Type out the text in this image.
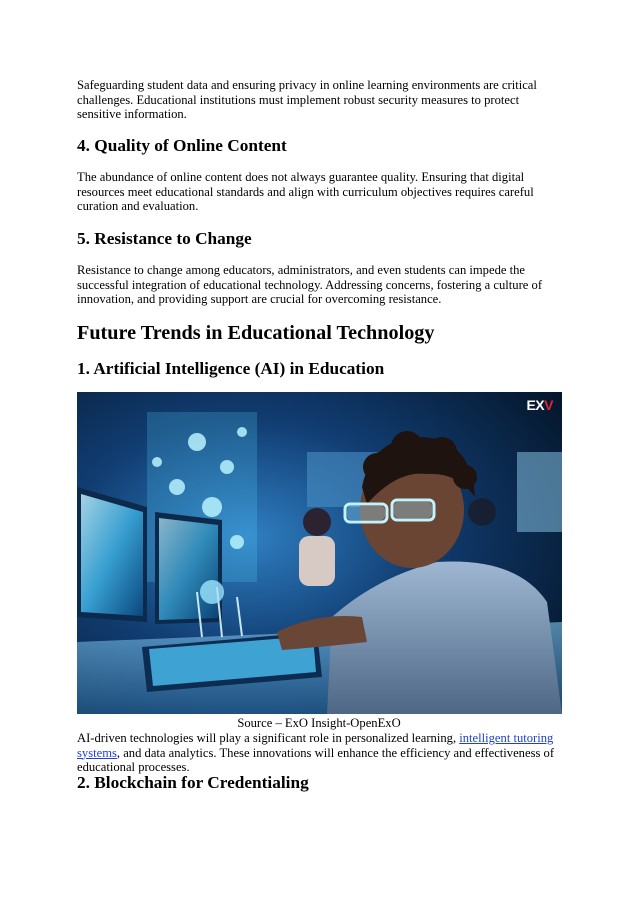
Safeguarding student data and ensuring privacy in online learning environments are critical challenges. Educational institutions must implement robust security measures to protect sensitive information.

4. Quality of Online Content

The abundance of online content does not always guarantee quality. Ensuring that digital resources meet educational standards and align with curriculum objectives requires careful curation and evaluation.

5. Resistance to Change

Resistance to change among educators, administrators, and even students can impede the successful integration of educational technology. Addressing concerns, fostering a culture of innovation, and providing support are crucial for overcoming resistance.

Future Trends in Educational Technology
1. Artificial Intelligence (AI) in Education
EXV
Source – ExO Insight-OpenExO

AI-driven technologies will play a significant role in personalized learning, intelligent tutoring systems, and data analytics. These innovations will enhance the efficiency and effectiveness of educational processes.

2. Blockchain for Credentialing
